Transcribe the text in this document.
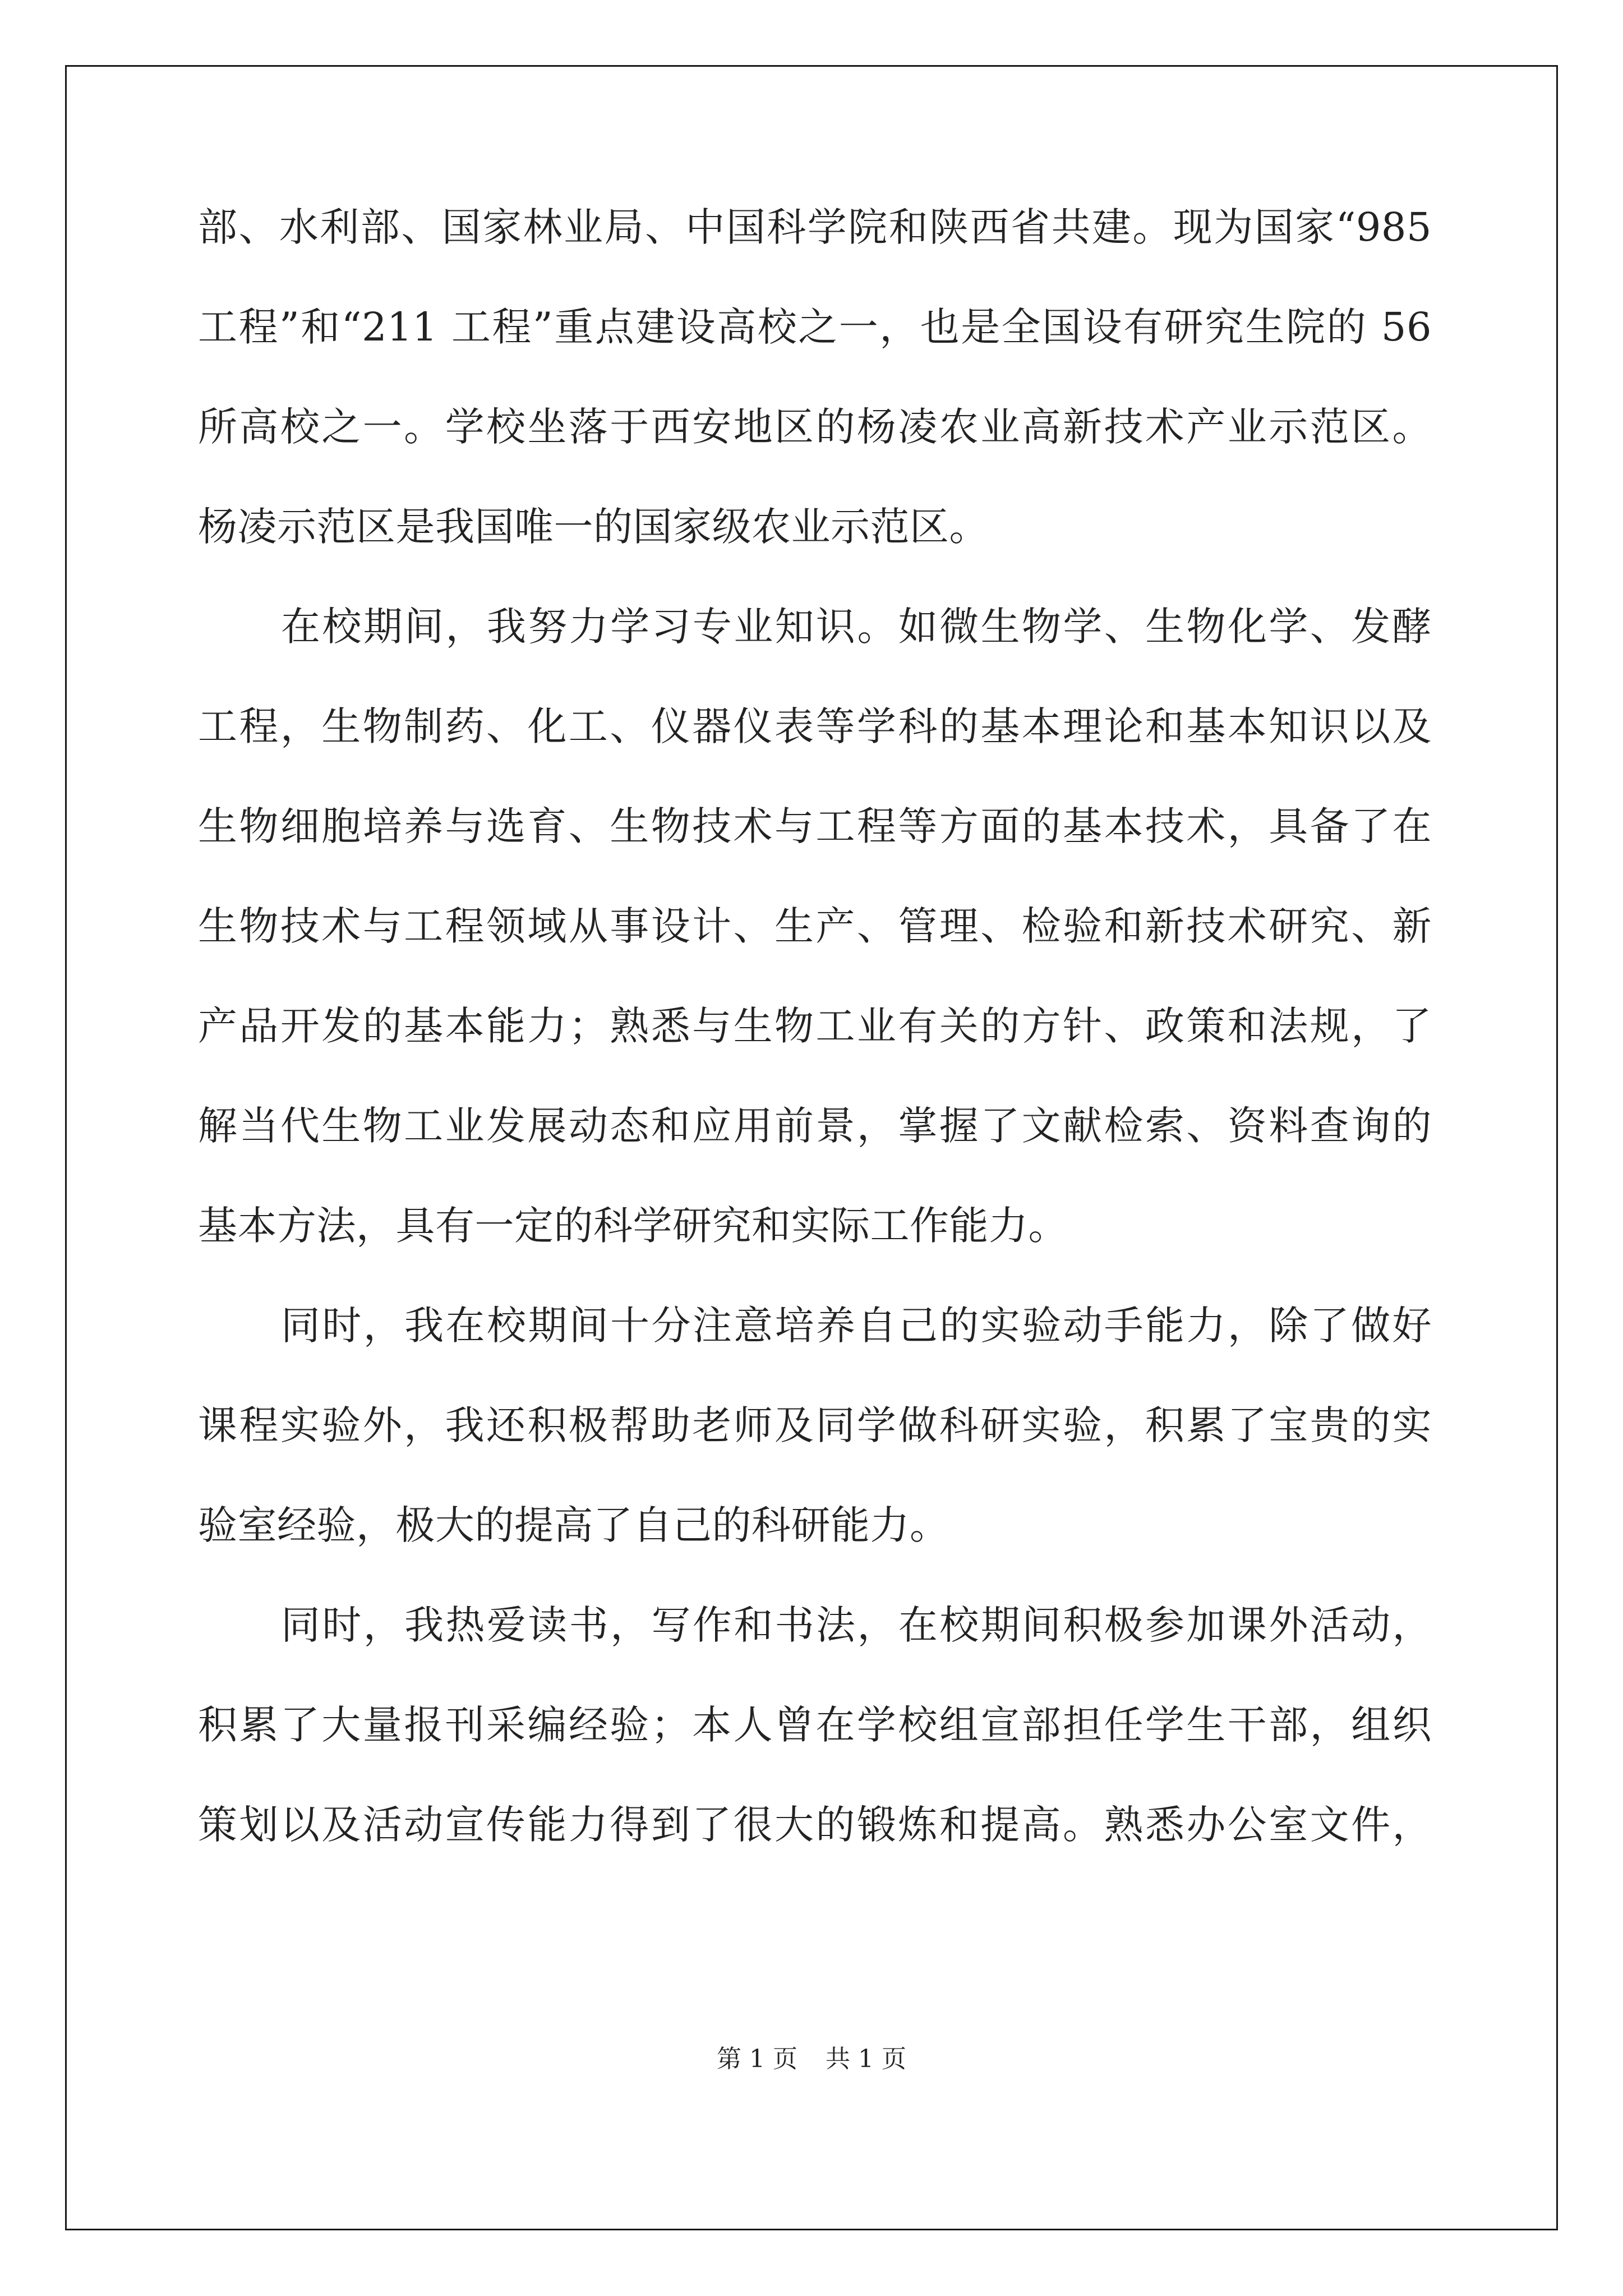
部、水利部、国家林业局、中国科学院和陕西省共建。现为国家“985
工程”和“211 工程”重点建设高校之一，也是全国设有研究生院的 56
所高校之一。学校坐落于西安地区的杨凌农业高新技术产业示范区。
杨凌示范区是我国唯一的国家级农业示范区。
在校期间，我努力学习专业知识。如微生物学、生物化学、发酵
工程，生物制药、化工、仪器仪表等学科的基本理论和基本知识以及
生物细胞培养与选育、生物技术与工程等方面的基本技术，具备了在
生物技术与工程领域从事设计、生产、管理、检验和新技术研究、新
产品开发的基本能力；熟悉与生物工业有关的方针、政策和法规，了
解当代生物工业发展动态和应用前景，掌握了文献检索、资料查询的
基本方法，具有一定的科学研究和实际工作能力。
同时，我在校期间十分注意培养自己的实验动手能力，除了做好
课程实验外，我还积极帮助老师及同学做科研实验，积累了宝贵的实
验室经验，极大的提高了自己的科研能力。
同时，我热爱读书，写作和书法，在校期间积极参加课外活动，
积累了大量报刊采编经验；本人曾在学校组宣部担任学生干部，组织
策划以及活动宣传能力得到了很大的锻炼和提高。熟悉办公室文件，
第 1 页 共 1 页
